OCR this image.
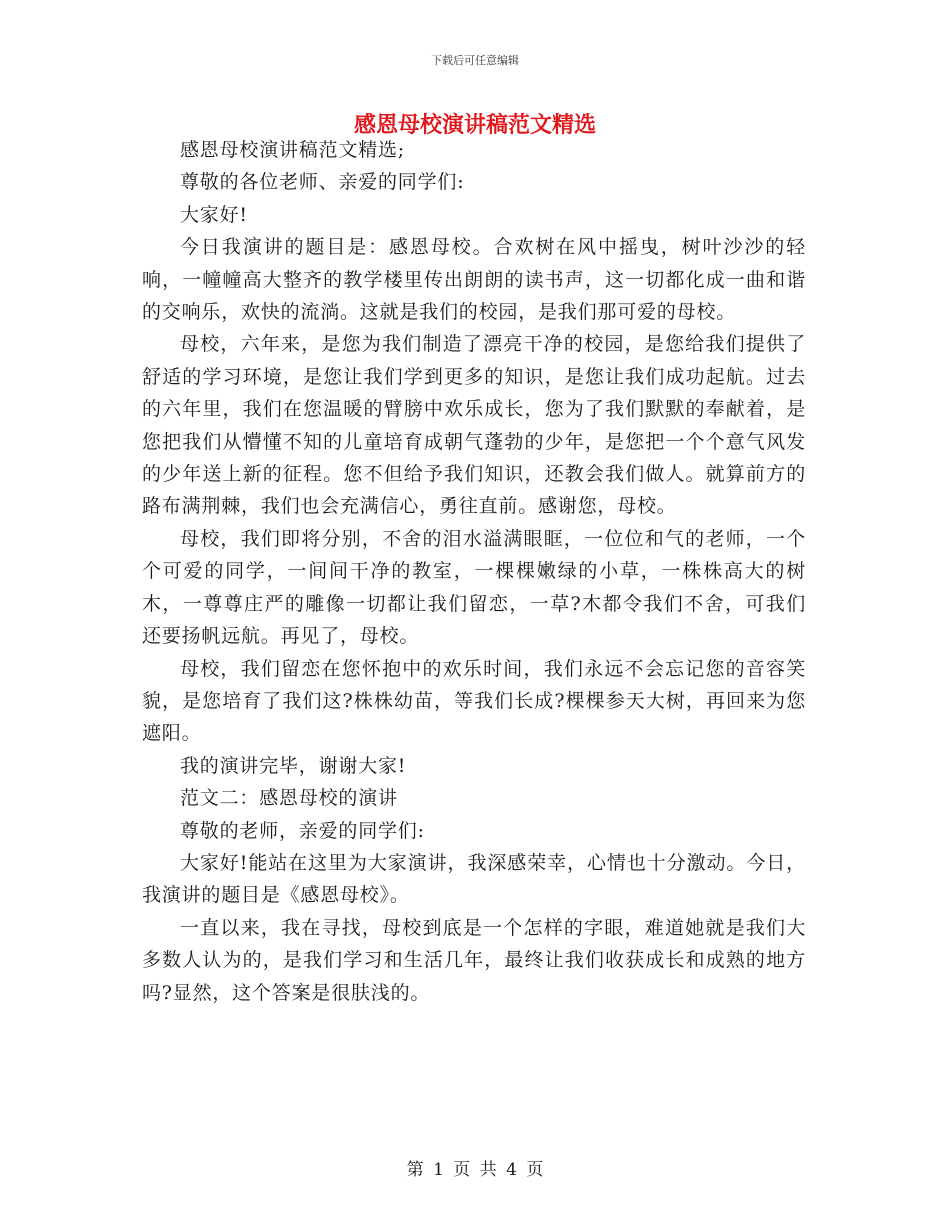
下载后可任意编辑
感恩母校演讲稿范文精选

感恩母校演讲稿范文精选;

尊敬的各位老师、亲爱的同学们:

大家好!

今日我演讲的题目是：感恩母校。合欢树在风中摇曳，树叶沙沙的轻响，一幢幢高大整齐的教学楼里传出朗朗的读书声，这一切都化成一曲和谐的交响乐，欢快的流淌。这就是我们的校园，是我们那可爱的母校。

母校，六年来，是您为我们制造了漂亮干净的校园，是您给我们提供了舒适的学习环境，是您让我们学到更多的知识，是您让我们成功起航。过去的六年里，我们在您温暖的臂膀中欢乐成长，您为了我们默默的奉献着，是您把我们从懵懂不知的儿童培育成朝气蓬勃的少年，是您把一个个意气风发的少年送上新的征程。您不但给予我们知识，还教会我们做人。就算前方的路布满荆棘，我们也会充满信心，勇往直前。感谢您，母校。

母校，我们即将分别，不舍的泪水溢满眼眶，一位位和气的老师，一个个可爱的同学，一间间干净的教室，一棵棵嫩绿的小草，一株株高大的树木，一尊尊庄严的雕像一切都让我们留恋，一草?木都令我们不舍，可我们还要扬帆远航。再见了，母校。

母校，我们留恋在您怀抱中的欢乐时间，我们永远不会忘记您的音容笑貌，是您培育了我们这?株株幼苗，等我们长成?棵棵参天大树，再回来为您遮阳。

我的演讲完毕，谢谢大家!

范文二：感恩母校的演讲

尊敬的老师，亲爱的同学们:

大家好!能站在这里为大家演讲，我深感荣幸，心情也十分激动。今日，我演讲的题目是《感恩母校》。

一直以来，我在寻找，母校到底是一个怎样的字眼，难道她就是我们大多数人认为的，是我们学习和生活几年，最终让我们收获成长和成熟的地方吗?显然，这个答案是很肤浅的。

第 1 页 共 4 页
